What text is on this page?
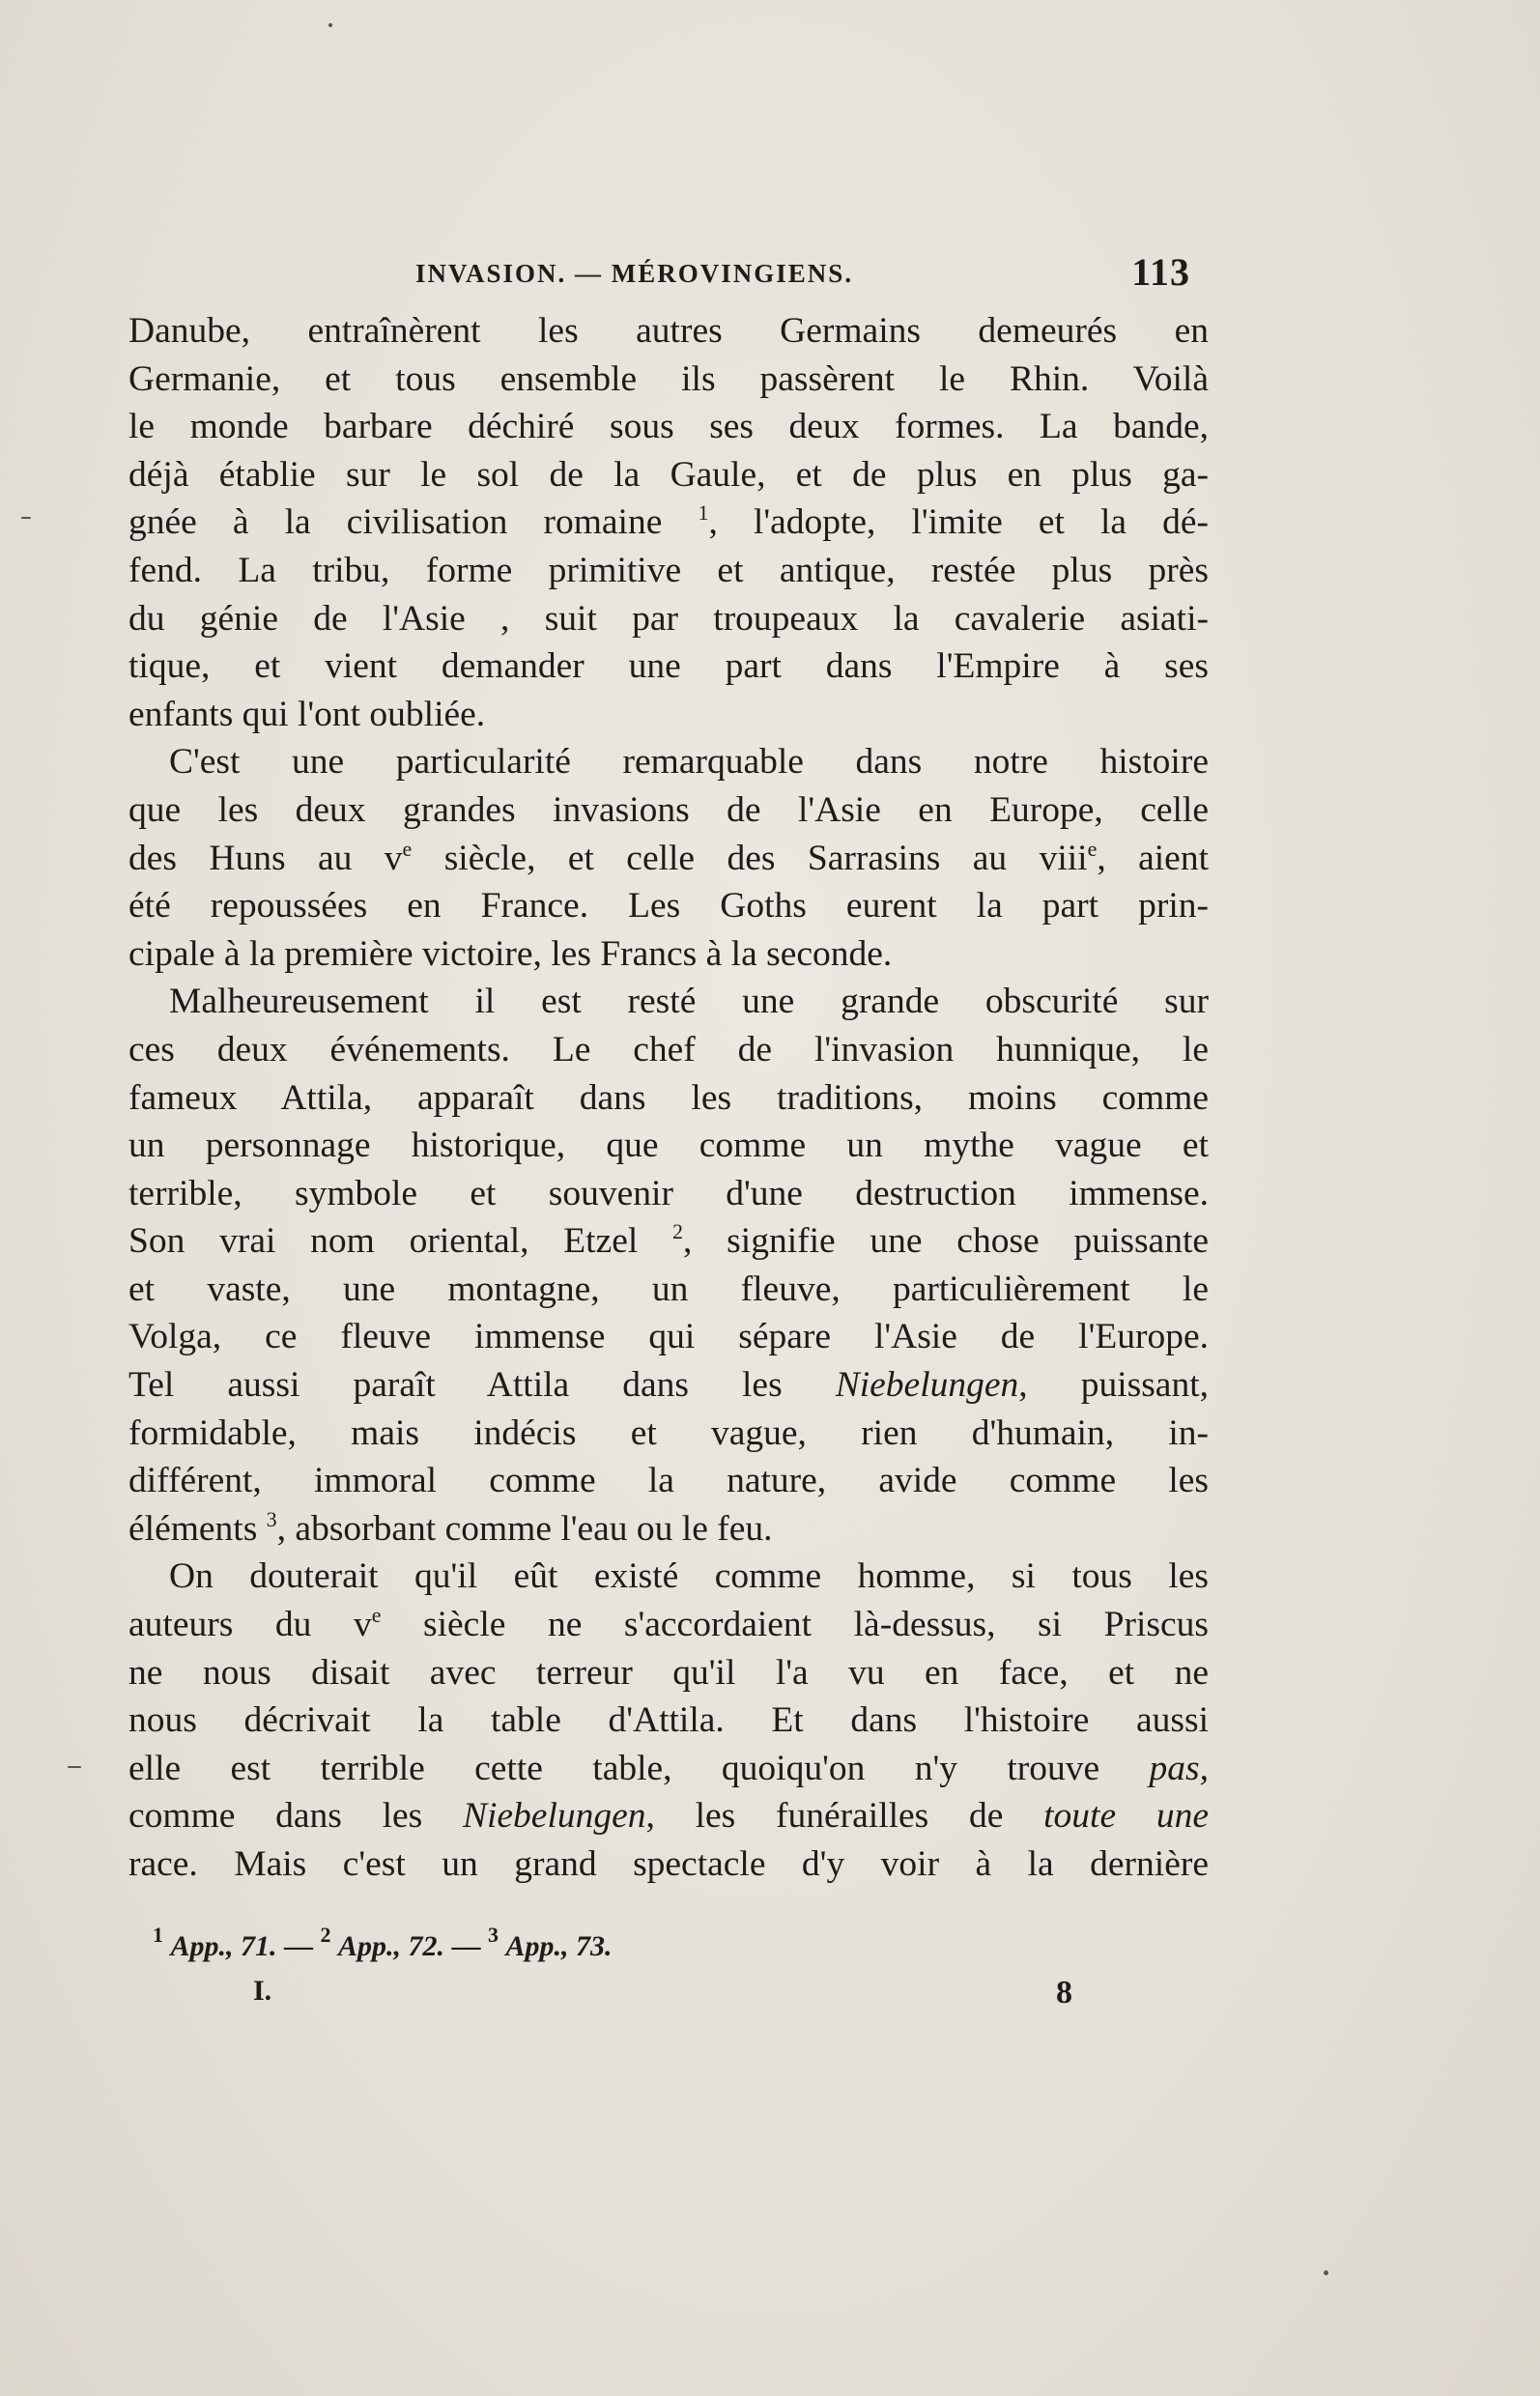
INVASION. — MÉROVINGIENS.	113
Danube, entraînèrent les autres Germains demeurés en
Germanie, et tous ensemble ils passèrent le Rhin. Voilà
le monde barbare déchiré sous ses deux formes. La bande,
déjà établie sur le sol de la Gaule, et de plus en plus ga-
gnée à la civilisation romaine $^1$, l'adopte, l'imite et la dé-
fend. La tribu, forme primitive et antique, restée plus près
du génie de l'Asie , suit par troupeaux la cavalerie asiati-
tique, et vient demander une part dans l'Empire à ses
enfants qui l'ont oubliée.
C'est une particularité remarquable dans notre histoire
que les deux grandes invasions de l'Asie en Europe, celle
des Huns au $v^e$ siècle, et celle des Sarrasins au viii$^e$, aient
été repoussées en France. Les Goths eurent la part prin-
cipale à la première victoire, les Francs à la seconde.
Malheureusement il est resté une grande obscurité sur
ces deux événements. Le chef de l'invasion hunnique, le
fameux Attila, apparaît dans les traditions, moins comme
un personnage historique, que comme un mythe vague et
terrible, symbole et souvenir d'une destruction immense.
Son vrai nom oriental, Etzel $^2$, signifie une chose puissante
et vaste, une montagne, un fleuve, particulièrement le
Volga, ce fleuve immense qui sépare l'Asie de l'Europe.
Tel aussi paraît Attila dans les Niebelungen, puissant,
formidable, mais indécis et vague, rien d'humain, in-
différent, immoral comme la nature, avide comme les
éléments $^3$, absorbant comme l'eau ou le feu.
On douterait qu'il eût existé comme homme, si tous les
auteurs du $v^e$ siècle ne s'accordaient là-dessus, si Priscus
ne nous disait avec terreur qu'il l'a vu en face, et ne
nous décrivait la table d'Attila. Et dans l'histoire aussi
elle est terrible cette table, quoiqu'on n'y trouve pas,
comme dans les Niebelungen, les funérailles de toute une
race. Mais c'est un grand spectacle d'y voir à la dernière
$^1$ App., 71. — $^2$ App., 72. — $^3$ App., 73.
I.	8
